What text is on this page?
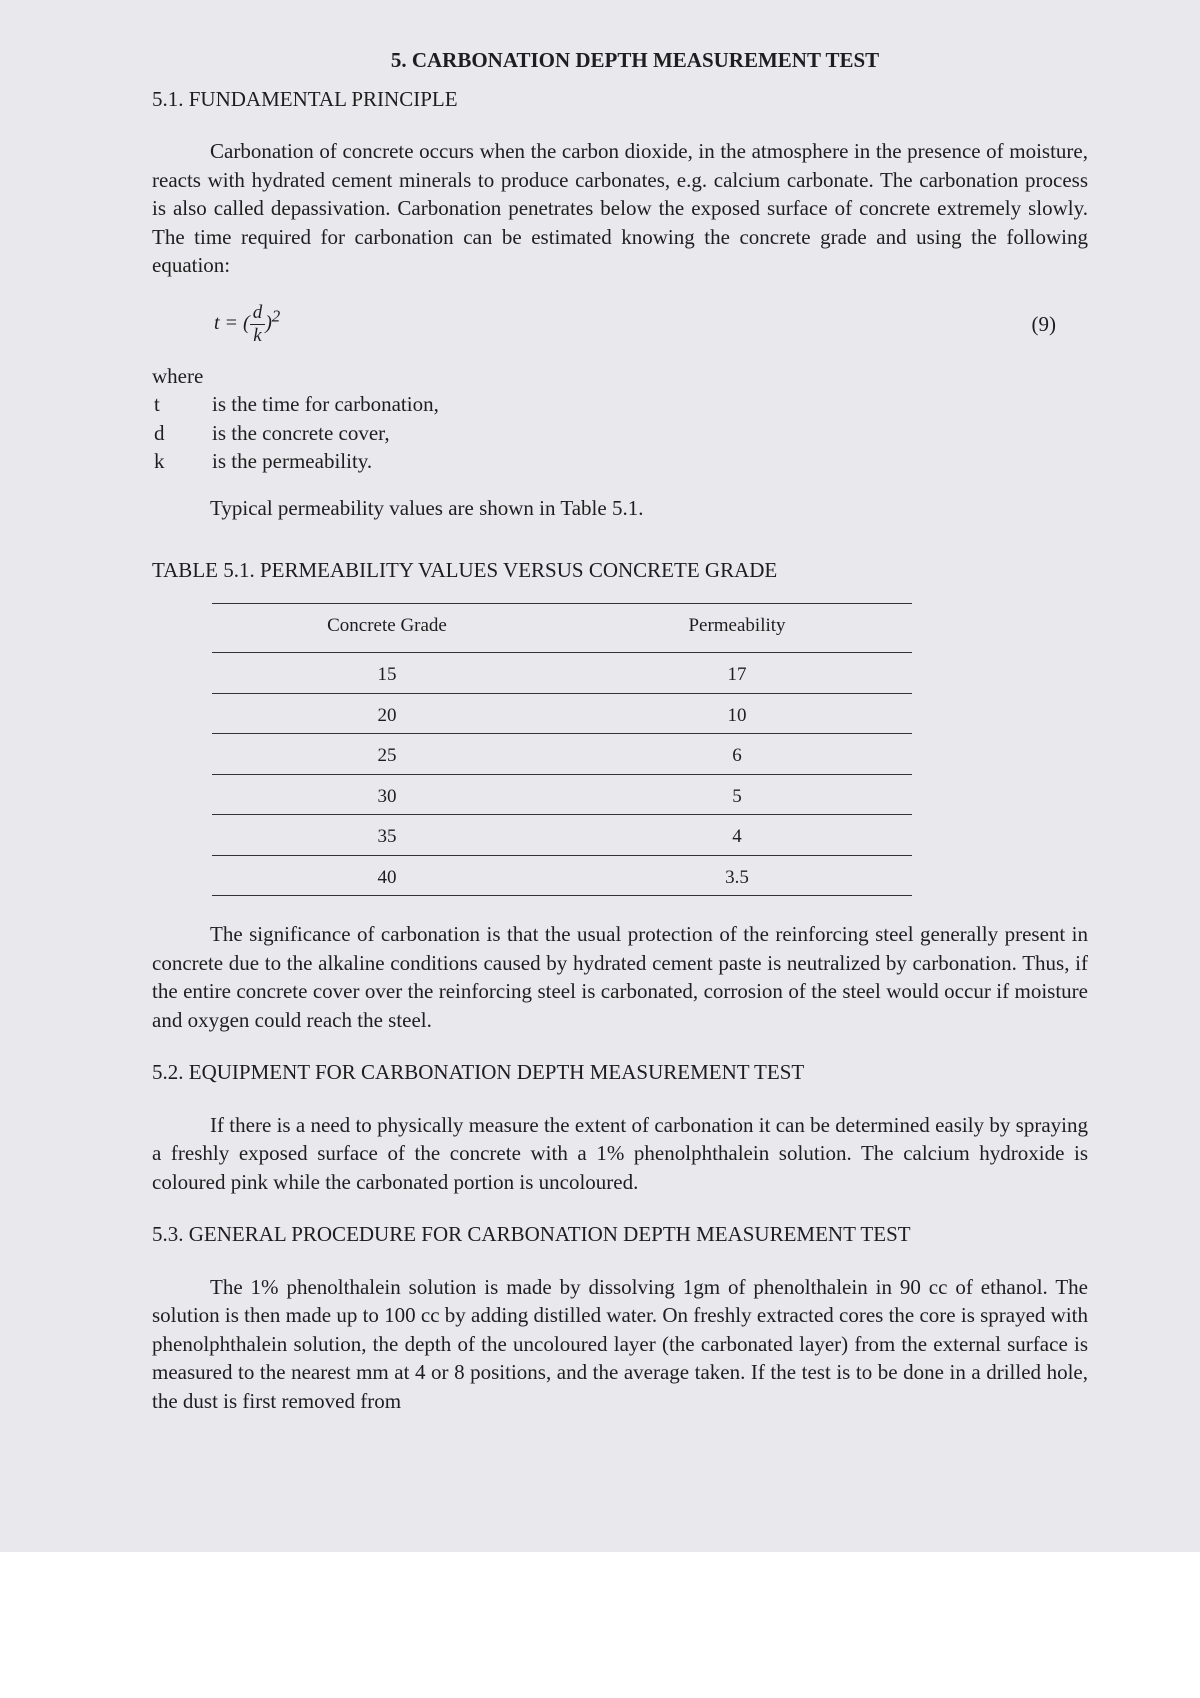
5. CARBONATION DEPTH MEASUREMENT TEST
5.1. FUNDAMENTAL PRINCIPLE

Carbonation of concrete occurs when the carbon dioxide, in the atmosphere in the presence of moisture, reacts with hydrated cement minerals to produce carbonates, e.g. calcium carbonate. The carbonation process is also called depassivation. Carbonation penetrates below the exposed surface of concrete extremely slowly. The time required for carbonation can be estimated knowing the concrete grade and using the following equation:

t = ( $\frac{d}{k} )^2$	(9)
where
t	is the time for carbonation,
d	is the concrete cover,
k	is the permeability.

Typical permeability values are shown in Table 5.1.

TABLE 5.1. PERMEABILITY VALUES VERSUS CONCRETE GRADE
Concrete Grade	Permeability
15	17
20	10
25	6
30	5
35	4
40	3.5

The significance of carbonation is that the usual protection of the reinforcing steel generally present in concrete due to the alkaline conditions caused by hydrated cement paste is neutralized by carbonation. Thus, if the entire concrete cover over the reinforcing steel is carbonated, corrosion of the steel would occur if moisture and oxygen could reach the steel.

5.2. EQUIPMENT FOR CARBONATION DEPTH MEASUREMENT TEST

If there is a need to physically measure the extent of carbonation it can be determined easily by spraying a freshly exposed surface of the concrete with a 1% phenolphthalein solution. The calcium hydroxide is coloured pink while the carbonated portion is uncoloured.

5.3. GENERAL PROCEDURE FOR CARBONATION DEPTH MEASUREMENT TEST

The 1% phenolthalein solution is made by dissolving 1gm of phenolthalein in 90 cc of ethanol. The solution is then made up to 100 cc by adding distilled water. On freshly extracted cores the core is sprayed with phenolphthalein solution, the depth of the uncoloured layer (the carbonated layer) from the external surface is measured to the nearest mm at 4 or 8 positions, and the average taken. If the test is to be done in a drilled hole, the dust is first removed from
